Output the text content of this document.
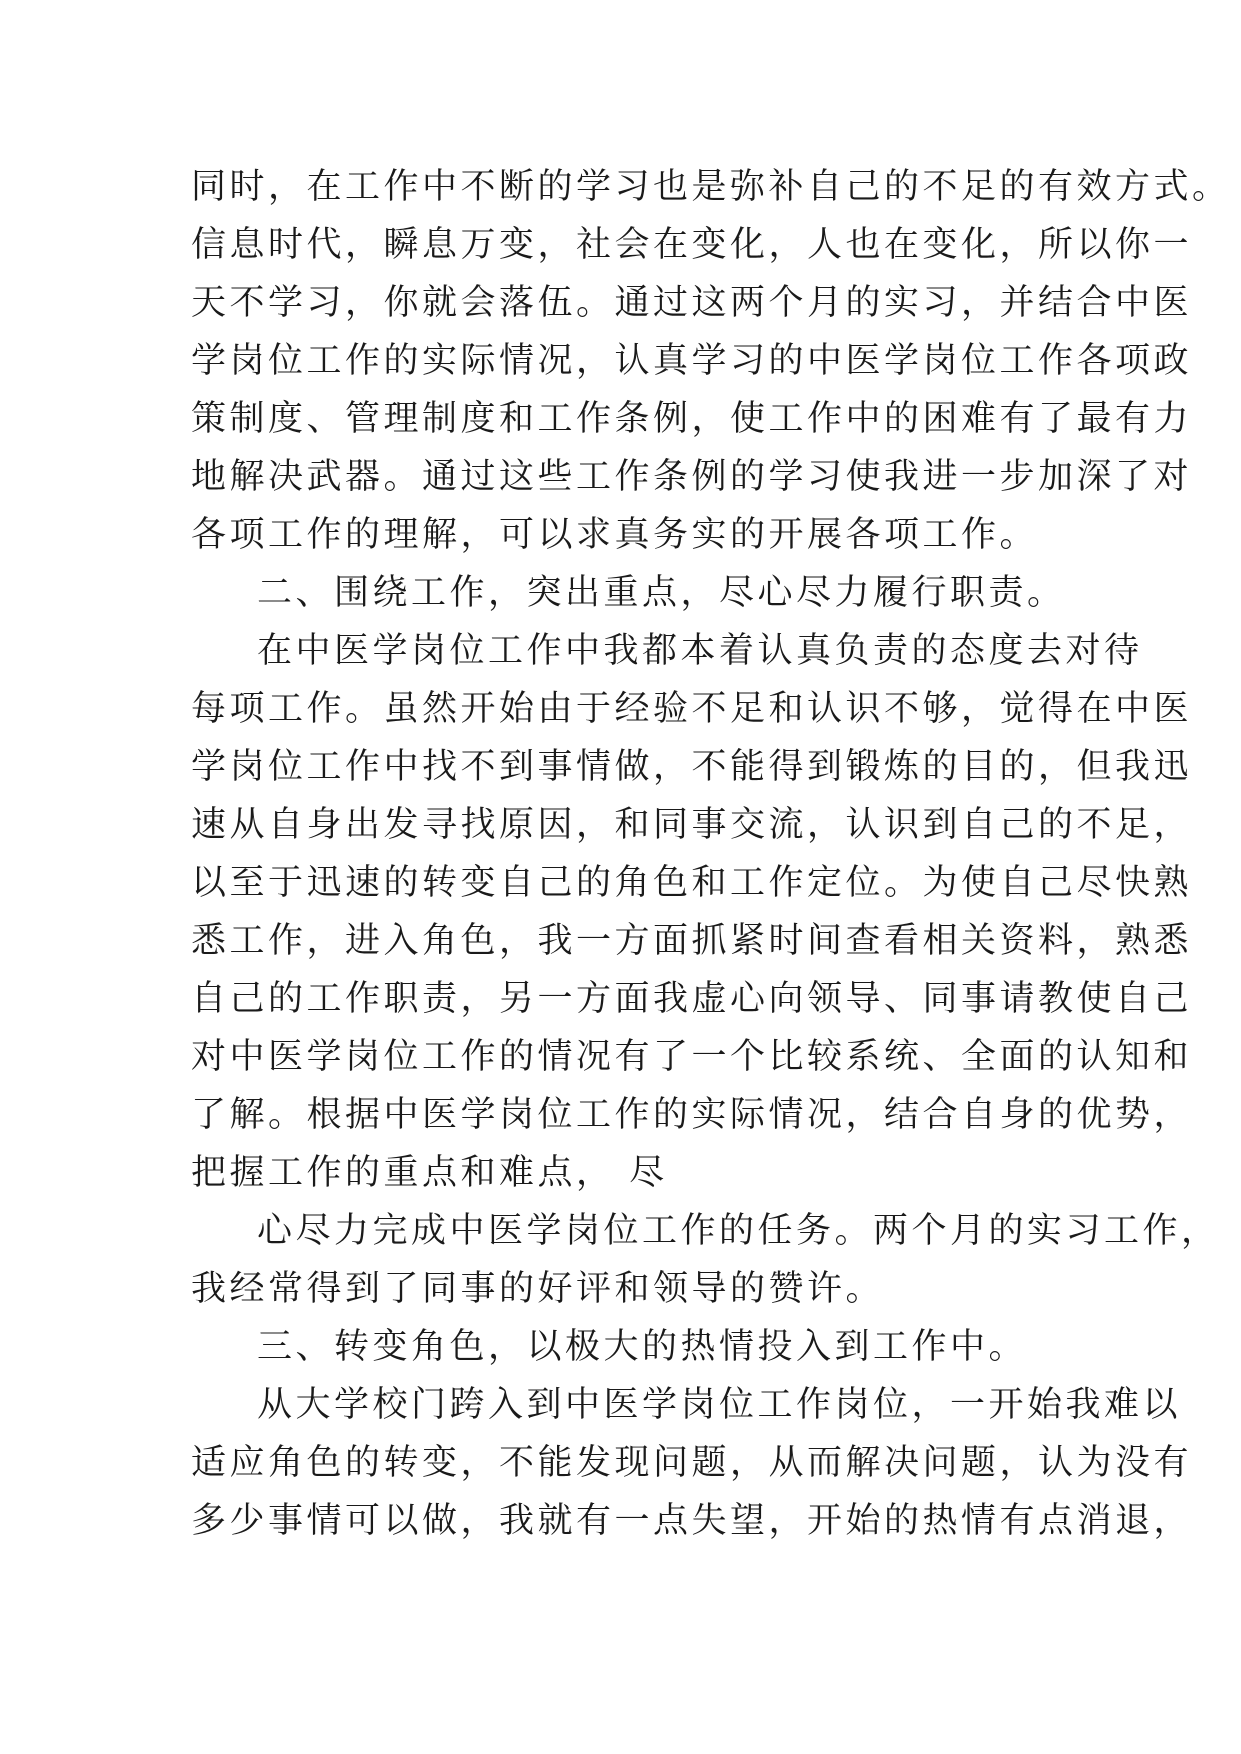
同时，在工作中不断的学习也是弥补自己的不足的有效方式。
信息时代，瞬息万变，社会在变化，人也在变化，所以你一
天不学习，你就会落伍。通过这两个月的实习，并结合中医
学岗位工作的实际情况，认真学习的中医学岗位工作各项政
策制度、管理制度和工作条例，使工作中的困难有了最有力
地解决武器。通过这些工作条例的学习使我进一步加深了对
各项工作的理解，可以求真务实的开展各项工作。
二、围绕工作，突出重点，尽心尽力履行职责。
在中医学岗位工作中我都本着认真负责的态度去对待
每项工作。虽然开始由于经验不足和认识不够，觉得在中医
学岗位工作中找不到事情做，不能得到锻炼的目的，但我迅
速从自身出发寻找原因，和同事交流，认识到自己的不足，
以至于迅速的转变自己的角色和工作定位。为使自己尽快熟
悉工作，进入角色，我一方面抓紧时间查看相关资料，熟悉
自己的工作职责，另一方面我虚心向领导、同事请教使自己
对中医学岗位工作的情况有了一个比较系统、全面的认知和
了解。根据中医学岗位工作的实际情况，结合自身的优势，
把握工作的重点和难点， 尽
心尽力完成中医学岗位工作的任务。两个月的实习工作，
我经常得到了同事的好评和领导的赞许。
三、转变角色，以极大的热情投入到工作中。
从大学校门跨入到中医学岗位工作岗位，一开始我难以
适应角色的转变，不能发现问题，从而解决问题，认为没有
多少事情可以做，我就有一点失望，开始的热情有点消退，
